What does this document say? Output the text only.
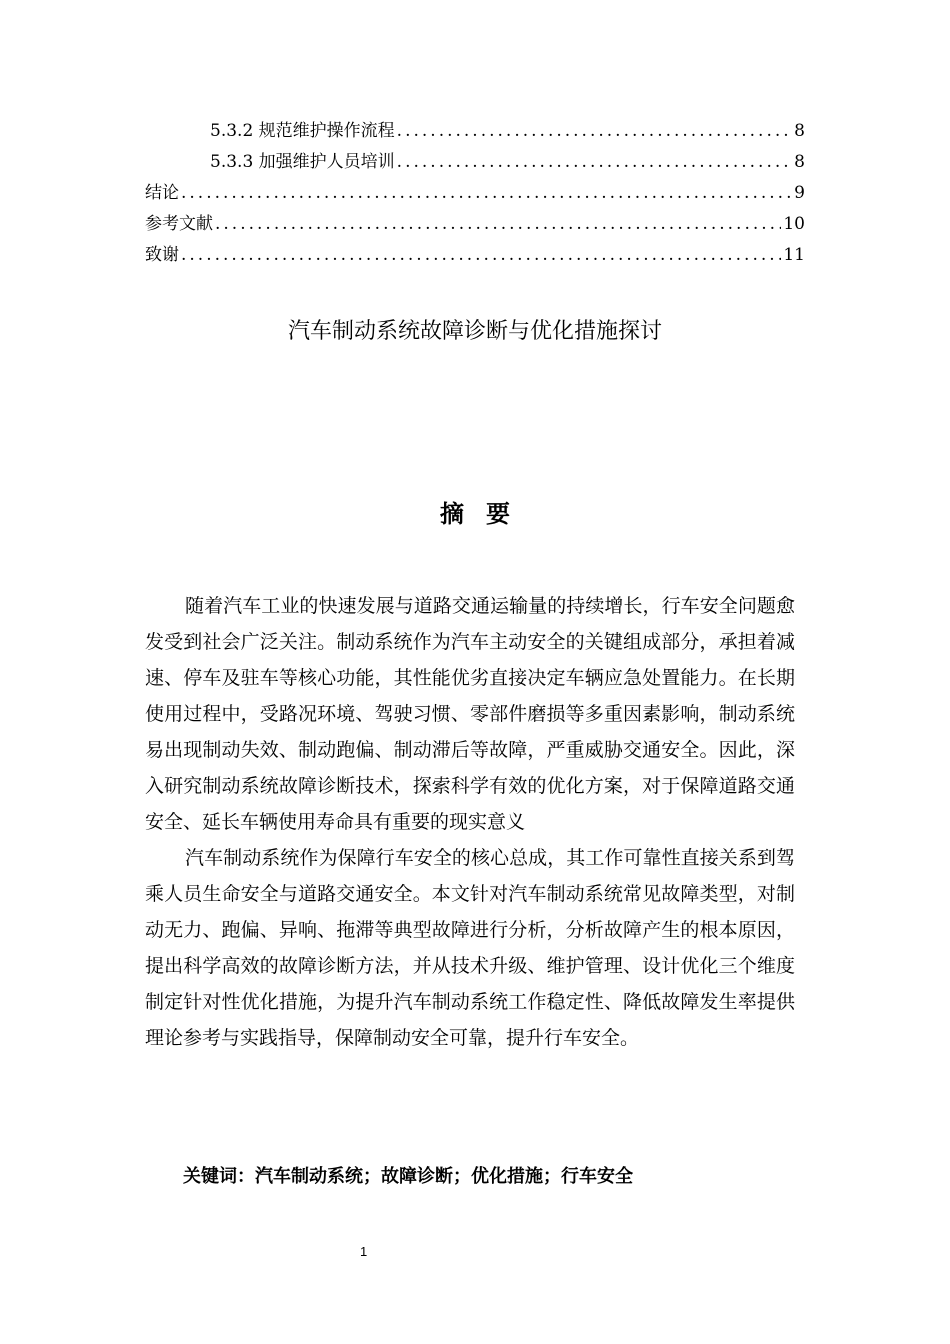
5.3.2 规范维护操作流程 .....	8
5.3.3 加强维护人员培训 .....	8
结论 .....	9
参考文献 .....	10
致谢 .....	11
汽车制动系统故障诊断与优化措施探讨
摘要
随着汽车工业的快速发展与道路交通运输量的持续增长，行车安全问题愈
发受到社会广泛关注。制动系统作为汽车主动安全的关键组成部分，承担着减
速、停车及驻车等核心功能，其性能优劣直接决定车辆应急处置能力。在长期
使用过程中，受路况环境、驾驶习惯、零部件磨损等多重因素影响，制动系统
易出现制动失效、制动跑偏、制动滞后等故障，严重威胁交通安全。因此，深
入研究制动系统故障诊断技术，探索科学有效的优化方案，对于保障道路交通
安全、延长车辆使用寿命具有重要的现实意义
汽车制动系统作为保障行车安全的核心总成，其工作可靠性直接关系到驾
乘人员生命安全与道路交通安全。本文针对汽车制动系统常见故障类型，对制
动无力、跑偏、异响、拖滞等典型故障进行分析，分析故障产生的根本原因，
提出科学高效的故障诊断方法，并从技术升级、维护管理、设计优化三个维度
制定针对性优化措施，为提升汽车制动系统工作稳定性、降低故障发生率提供
理论参考与实践指导，保障制动安全可靠，提升行车安全。
关键词：汽车制动系统；故障诊断；优化措施；行车安全
1
